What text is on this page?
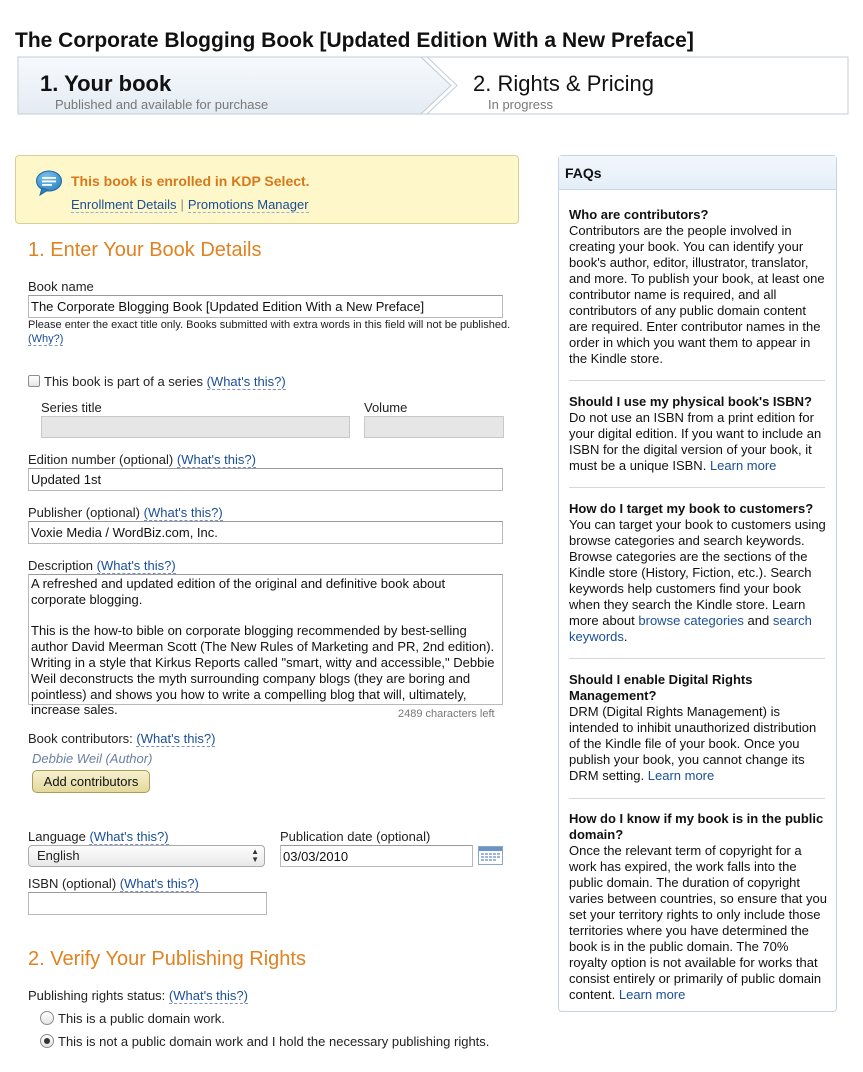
The Corporate Blogging Book [Updated Edition With a New Preface]
1. Your book
Published and available for purchase
2. Rights & Pricing
In progress
This book is enrolled in KDP Select.
Enrollment Details | Promotions Manager
1. Enter Your Book Details
Book name
The Corporate Blogging Book [Updated Edition With a New Preface]
Please enter the exact title only. Books submitted with extra words in this field will not be published.
(Why?)
This book is part of a series (What's this?)
Series title	Volume
Edition number (optional) (What's this?)
Updated 1st
Publisher (optional) (What's this?)
Voxie Media / WordBiz.com, Inc.
Description (What's this?)

A refreshed and updated edition of the original and definitive book about
corporate blogging.

This is the how-to bible on corporate blogging recommended by best-selling
author David Meerman Scott (The New Rules of Marketing and PR, 2nd edition).
Writing in a style that Kirkus Reports called "smart, witty and accessible," Debbie
Weil deconstructs the myth surrounding company blogs (they are boring and
pointless) and shows you how to write a compelling blog that will, ultimately,
increase sales.	2489 characters left
Book contributors: (What's this?)
Debbie Weil (Author)
Add contributors
Language (What's this?)
English	▲
▼
Publication date (optional)
03/03/2010
ISBN (optional) (What's this?)
2. Verify Your Publishing Rights
Publishing rights status: (What's this?)
This is a public domain work.
This is not a public domain work and I hold the necessary publishing rights.
FAQs
Who are contributors?
Contributors are the people involved in creating your book. You can identify your book's author, editor, illustrator, translator, and more. To publish your book, at least one contributor name is required, and all contributors of any public domain content are required. Enter contributor names in the order in which you want them to appear in the Kindle store.
Should I use my physical book's ISBN?
Do not use an ISBN from a print edition for your digital edition. If you want to include an ISBN for the digital version of your book, it must be a unique ISBN. Learn more
How do I target my book to customers?
You can target your book to customers using browse categories and search keywords. Browse categories are the sections of the Kindle store (History, Fiction, etc.). Search keywords help customers find your book when they search the Kindle store. Learn more about browse categories and search keywords.
Should I enable Digital Rights Management?
DRM (Digital Rights Management) is intended to inhibit unauthorized distribution of the Kindle file of your book. Once you publish your book, you cannot change its DRM setting. Learn more
How do I know if my book is in the public domain?
Once the relevant term of copyright for a work has expired, the work falls into the public domain. The duration of copyright varies between countries, so ensure that you set your territory rights to only include those territories where you have determined the book is in the public domain. The 70% royalty option is not available for works that consist entirely or primarily of public domain content. Learn more
